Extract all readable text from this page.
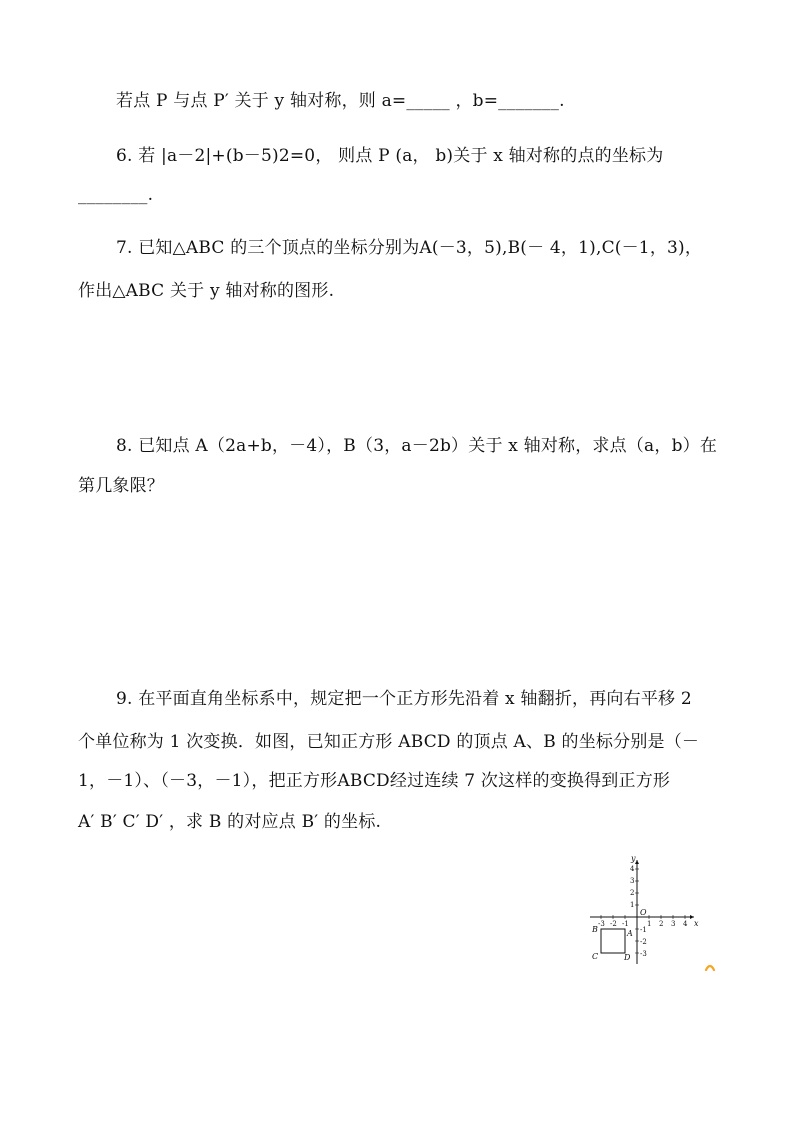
若点 P 与点 P′ 关于 y 轴对称，则 a=_____ ，b=_______.
6. 若 |a－2|+(b－5)2=0， 则点 P (a， b)关于 x 轴对称的点的坐标为
________.
7. 已知△ABC 的三个顶点的坐标分别为A(－3，5),B(－ 4，1),C(－1，3)，
作出△ABC 关于 y 轴对称的图形.
8. 已知点 A（2a+b，－4），B（3，a－2b）关于 x 轴对称，求点（a，b）在
第几象限？
9. 在平面直角坐标系中，规定把一个正方形先沿着 x 轴翻折，再向右平移 2
个单位称为 1 次变换．如图，已知正方形 ABCD 的顶点 A、B 的坐标分别是（－
1，－1）、（－3，－1），把正方形ABCD经过连续 7 次这样的变换得到正方形
A′ B′ C′ D′ ，求 B 的对应点 B′ 的坐标.
-3 -2 -1	1 2 3 4
4
3
2
1
-1
-2
-3
x
y
O
A
B
C	D
